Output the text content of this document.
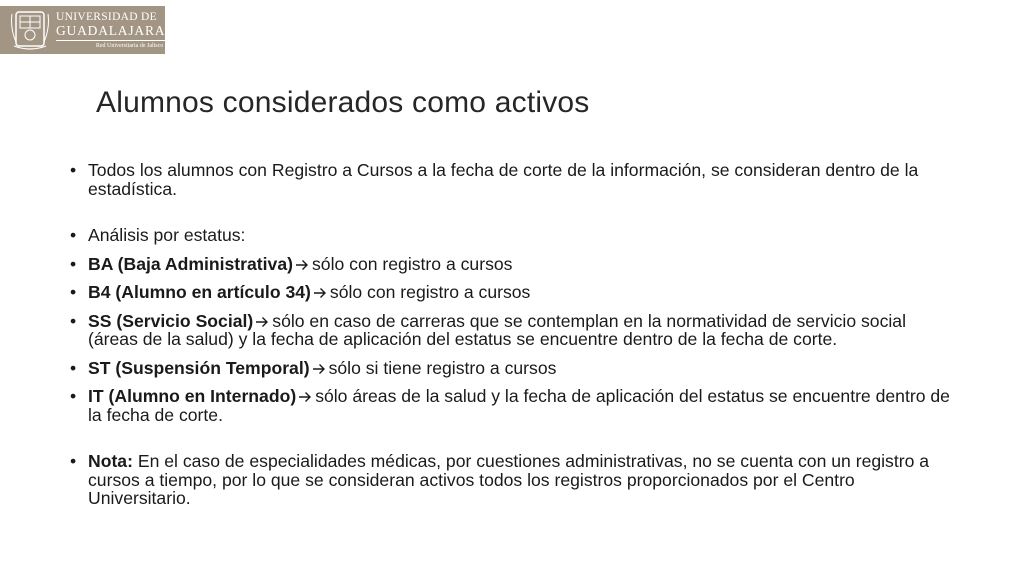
UNIVERSIDAD DE
GUADALAJARA
Red Universitaria de Jalisco
Alumnos considerados como activos
• Todos los alumnos con Registro a Cursos a la fecha de corte de la información, se consideran dentro de la estadística.
• Análisis por estatus:
• BA (Baja Administrativa) sólo con registro a cursos
• B4 (Alumno en artículo 34) sólo con registro a cursos
• SS (Servicio Social) sólo en caso de carreras que se contemplan en la normatividad de servicio social (áreas de la salud) y la fecha de aplicación del estatus se encuentre dentro de la fecha de corte.
• ST (Suspensión Temporal) sólo si tiene registro a cursos
• IT (Alumno en Internado) sólo áreas de la salud y la fecha de aplicación del estatus se encuentre dentro de la fecha de corte.
• Nota: En el caso de especialidades médicas, por cuestiones administrativas, no se cuenta con un registro a cursos a tiempo, por lo que se consideran activos todos los registros proporcionados por el Centro Universitario.
